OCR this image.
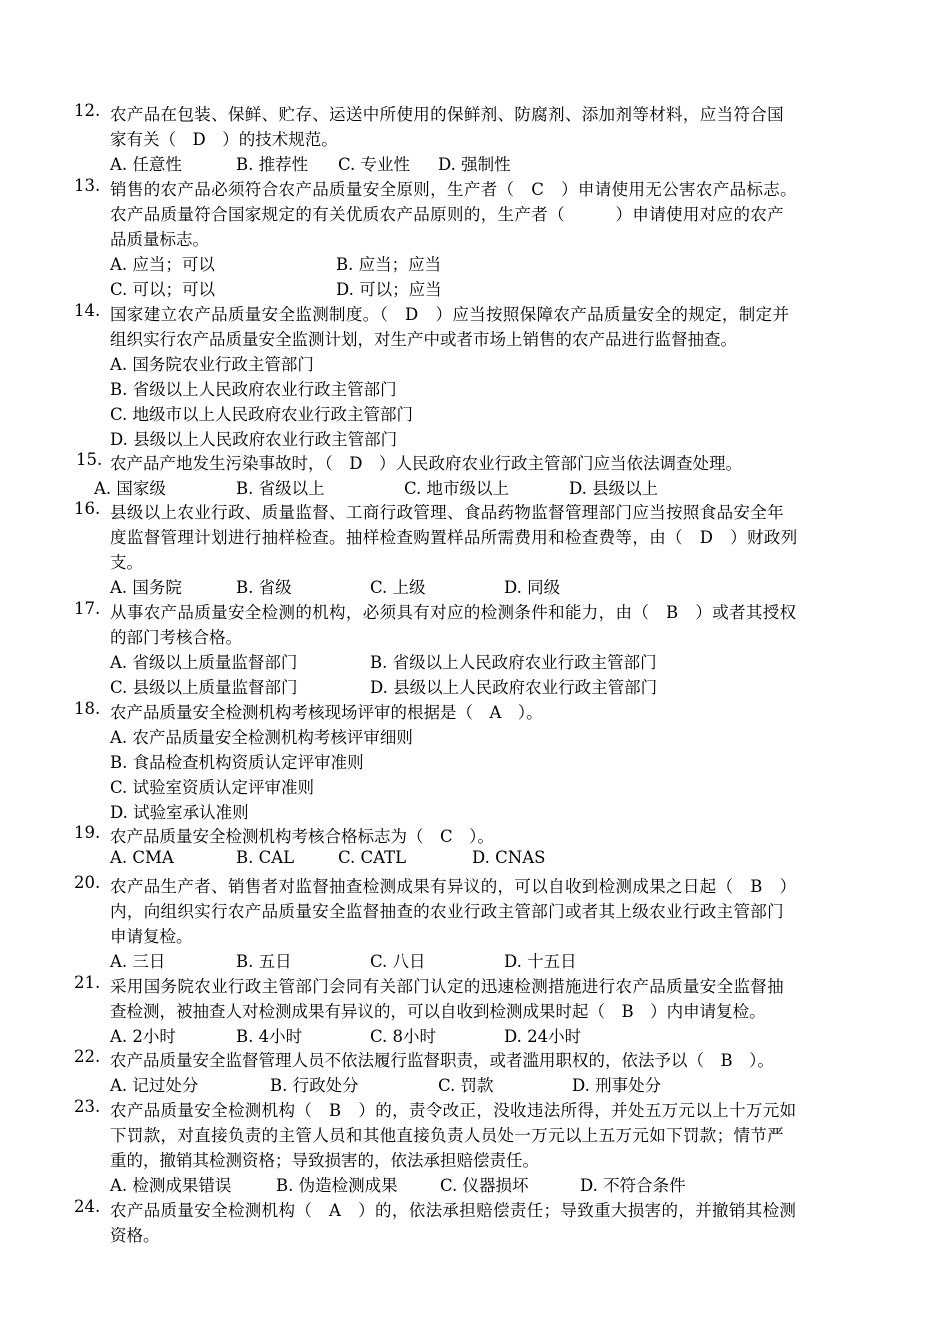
12. 农产品在包装、保鲜、贮存、运送中所使用的保鲜剂、防腐剂、添加剂等材料，应当符合国
家有关（　D　）的技术规范。
A. 任意性	B. 推荐性 C. 专业性 D. 强制性
13. 销售的农产品必须符合农产品质量安全原则，生产者（　C　）申请使用无公害农产品标志。
农产品质量符合国家规定的有关优质农产品原则的，生产者（　　　）申请使用对应的农产
品质量标志。
A. 应当；可以	B. 应当；应当
C. 可以；可以	D. 可以；应当
14. 国家建立农产品质量安全监测制度。（　D　）应当按照保障农产品质量安全的规定，制定并
组织实行农产品质量安全监测计划，对生产中或者市场上销售的农产品进行监督抽查。
A. 国务院农业行政主管部门
B. 省级以上人民政府农业行政主管部门
C. 地级市以上人民政府农业行政主管部门
D. 县级以上人民政府农业行政主管部门
15. 农产品产地发生污染事故时，（　D　）人民政府农业行政主管部门应当依法调查处理。
A. 国家级	B. 省级以上	C. 地市级以上	D. 县级以上
16. 县级以上农业行政、质量监督、工商行政管理、食品药物监督管理部门应当按照食品安全年
度监督管理计划进行抽样检查。抽样检查购置样品所需费用和检查费等，由（　D　）财政列
支。
A. 国务院	B. 省级	C. 上级	D. 同级
17. 从事农产品质量安全检测的机构，必须具有对应的检测条件和能力，由（　B　）或者其授权
的部门考核合格。
A. 省级以上质量监督部门	B. 省级以上人民政府农业行政主管部门
C. 县级以上质量监督部门	D. 县级以上人民政府农业行政主管部门
18. 农产品质量安全检测机构考核现场评审的根据是（　A　）。
A. 农产品质量安全检测机构考核评审细则
B. 食品检查机构资质认定评审准则
C. 试验室资质认定评审准则
D. 试验室承认准则
19. 农产品质量安全检测机构考核合格标志为（　C　）。
A. CMA	B. CAL	C. CATL	D. CNAS
20. 农产品生产者、销售者对监督抽查检测成果有异议的，可以自收到检测成果之日起（　B　）
内，向组织实行农产品质量安全监督抽查的农业行政主管部门或者其上级农业行政主管部门
申请复检。
A. 三日	B. 五日	C. 八日	D. 十五日
21. 采用国务院农业行政主管部门会同有关部门认定的迅速检测措施进行农产品质量安全监督抽
查检测，被抽查人对检测成果有异议的，可以自收到检测成果时起（　B　）内申请复检。
A. 2小时	B. 4小时	C. 8小时	D. 24小时
22. 农产品质量安全监督管理人员不依法履行监督职责，或者滥用职权的，依法予以（　B　）。
A. 记过处分	B. 行政处分	C. 罚款	D. 刑事处分
23. 农产品质量安全检测机构（　B　）的，责令改正，没收违法所得，并处五万元以上十万元如
下罚款，对直接负责的主管人员和其他直接负责人员处一万元以上五万元如下罚款；情节严
重的，撤销其检测资格；导致损害的，依法承担赔偿责任。
A. 检测成果错误	B. 伪造检测成果	C. 仪器损坏	D. 不符合条件
24. 农产品质量安全检测机构（　A　）的，依法承担赔偿责任；导致重大损害的，并撤销其检测
资格。
